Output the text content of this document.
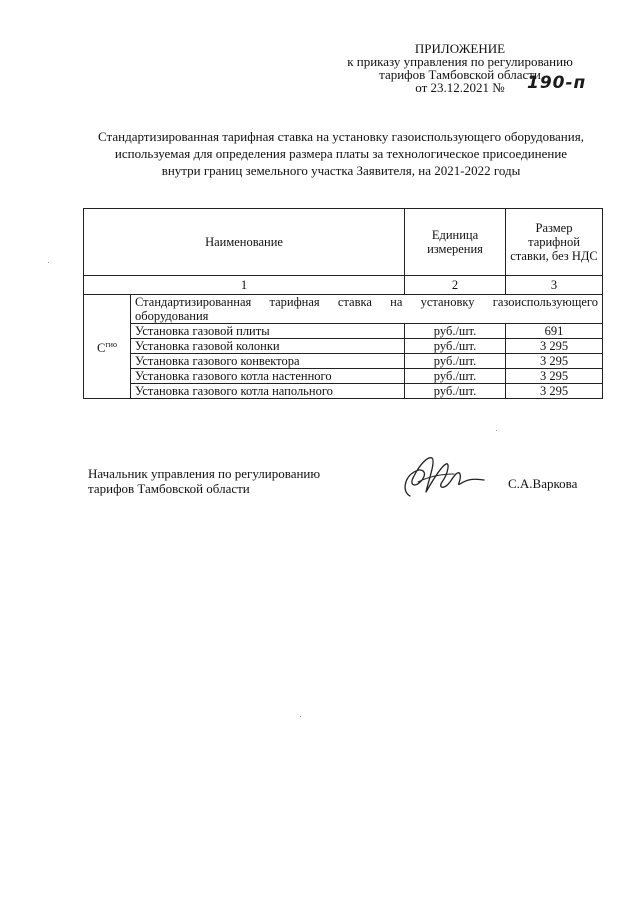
ПРИЛОЖЕНИЕ
к приказу управления по регулированию
тарифов Тамбовской области
от 23.12.2021 № 190-п
Стандартизированная тарифная ставка на установку газоиспользующего оборудования, используемая для определения размера платы за технологическое присоединение внутри границ земельного участка Заявителя, на 2021-2022 годы
Наименование		Единица измерения	Размер тарифной ставки, без НДС
1		2	3
$С^{гио}$	Стандартизированная тарифная ставка на установку газоиспользующего оборудования		
	Установка газовой плиты	руб./шт.	691
	Установка газовой колонки	руб./шт.	3 295
	Установка газового конвектора	руб./шт.	3 295
	Установка газового котла настенного	руб./шт.	3 295
	Установка газового котла напольного	руб./шт.	3 295
Начальник управления по регулированию
тарифов Тамбовской области	С.А.Варкова
